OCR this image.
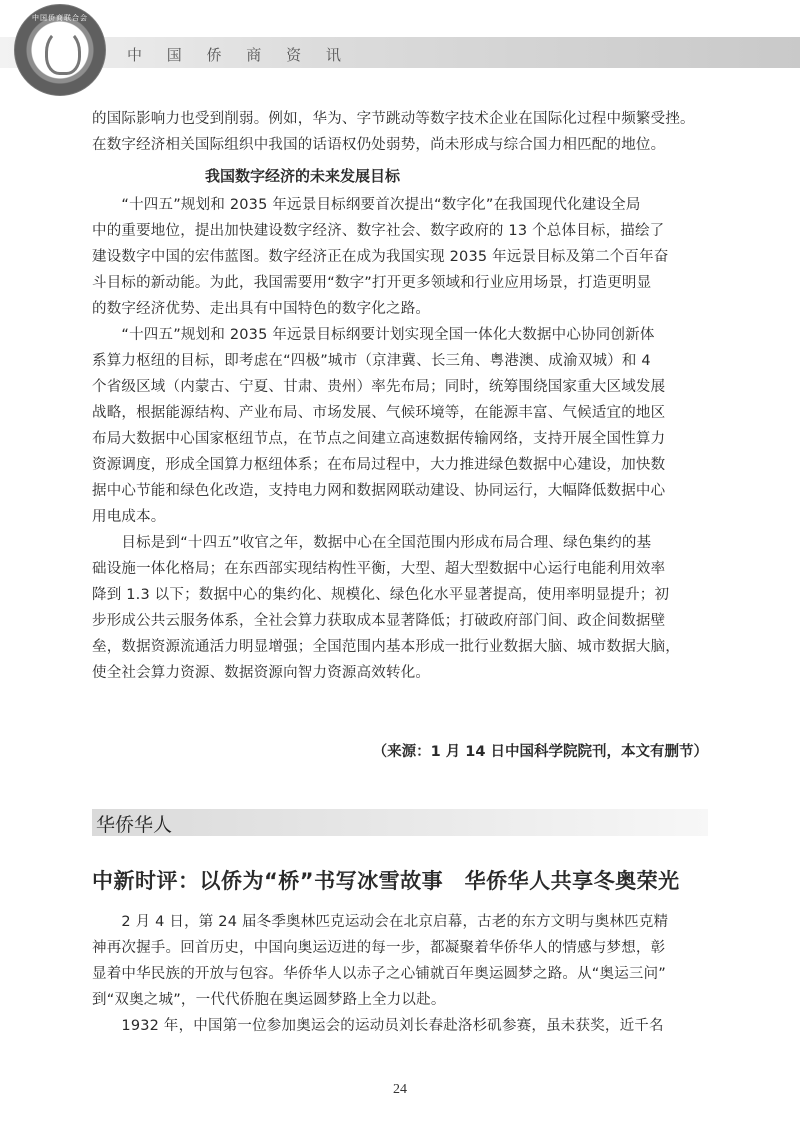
中国侨商联合会
中 国 侨 商 资 讯
的国际影响力也受到削弱。例如，华为、字节跳动等数字技术企业在国际化过程中频繁受挫。
在数字经济相关国际组织中我国的话语权仍处弱势，尚未形成与综合国力相匹配的地位。
我国数字经济的未来发展目标
　　“十四五”规划和 2035 年远景目标纲要首次提出“数字化”在我国现代化建设全局
中的重要地位，提出加快建设数字经济、数字社会、数字政府的 13 个总体目标，描绘了
建设数字中国的宏伟蓝图。数字经济正在成为我国实现 2035 年远景目标及第二个百年奋
斗目标的新动能。为此，我国需要用“数字”打开更多领域和行业应用场景，打造更明显
的数字经济优势、走出具有中国特色的数字化之路。
　　“十四五”规划和 2035 年远景目标纲要计划实现全国一体化大数据中心协同创新体
系算力枢纽的目标，即考虑在“四极”城市（京津冀、长三角、粤港澳、成渝双城）和 4
个省级区域（内蒙古、宁夏、甘肃、贵州）率先布局；同时，统筹围绕国家重大区域发展
战略，根据能源结构、产业布局、市场发展、气候环境等，在能源丰富、气候适宜的地区
布局大数据中心国家枢纽节点，在节点之间建立高速数据传输网络，支持开展全国性算力
资源调度，形成全国算力枢纽体系；在布局过程中，大力推进绿色数据中心建设，加快数
据中心节能和绿色化改造，支持电力网和数据网联动建设、协同运行，大幅降低数据中心
用电成本。
　　目标是到“十四五”收官之年，数据中心在全国范围内形成布局合理、绿色集约的基
础设施一体化格局；在东西部实现结构性平衡，大型、超大型数据中心运行电能利用效率
降到 1.3 以下；数据中心的集约化、规模化、绿色化水平显著提高，使用率明显提升；初
步形成公共云服务体系，全社会算力获取成本显著降低；打破政府部门间、政企间数据壁
垒，数据资源流通活力明显增强；全国范围内基本形成一批行业数据大脑、城市数据大脑，
使全社会算力资源、数据资源向智力资源高效转化。
（来源：1 月 14 日中国科学院院刊，本文有删节）
华侨华人
中新时评：以侨为“桥”书写冰雪故事　华侨华人共享冬奥荣光
　　2 月 4 日，第 24 届冬季奥林匹克运动会在北京启幕，古老的东方文明与奥林匹克精
神再次握手。回首历史，中国向奥运迈进的每一步，都凝聚着华侨华人的情感与梦想，彰
显着中华民族的开放与包容。华侨华人以赤子之心铺就百年奥运圆梦之路。从“奥运三问”
到“双奥之城”，一代代侨胞在奥运圆梦路上全力以赴。
　　1932 年，中国第一位参加奥运会的运动员刘长春赴洛杉矶参赛，虽未获奖，近千名
24
